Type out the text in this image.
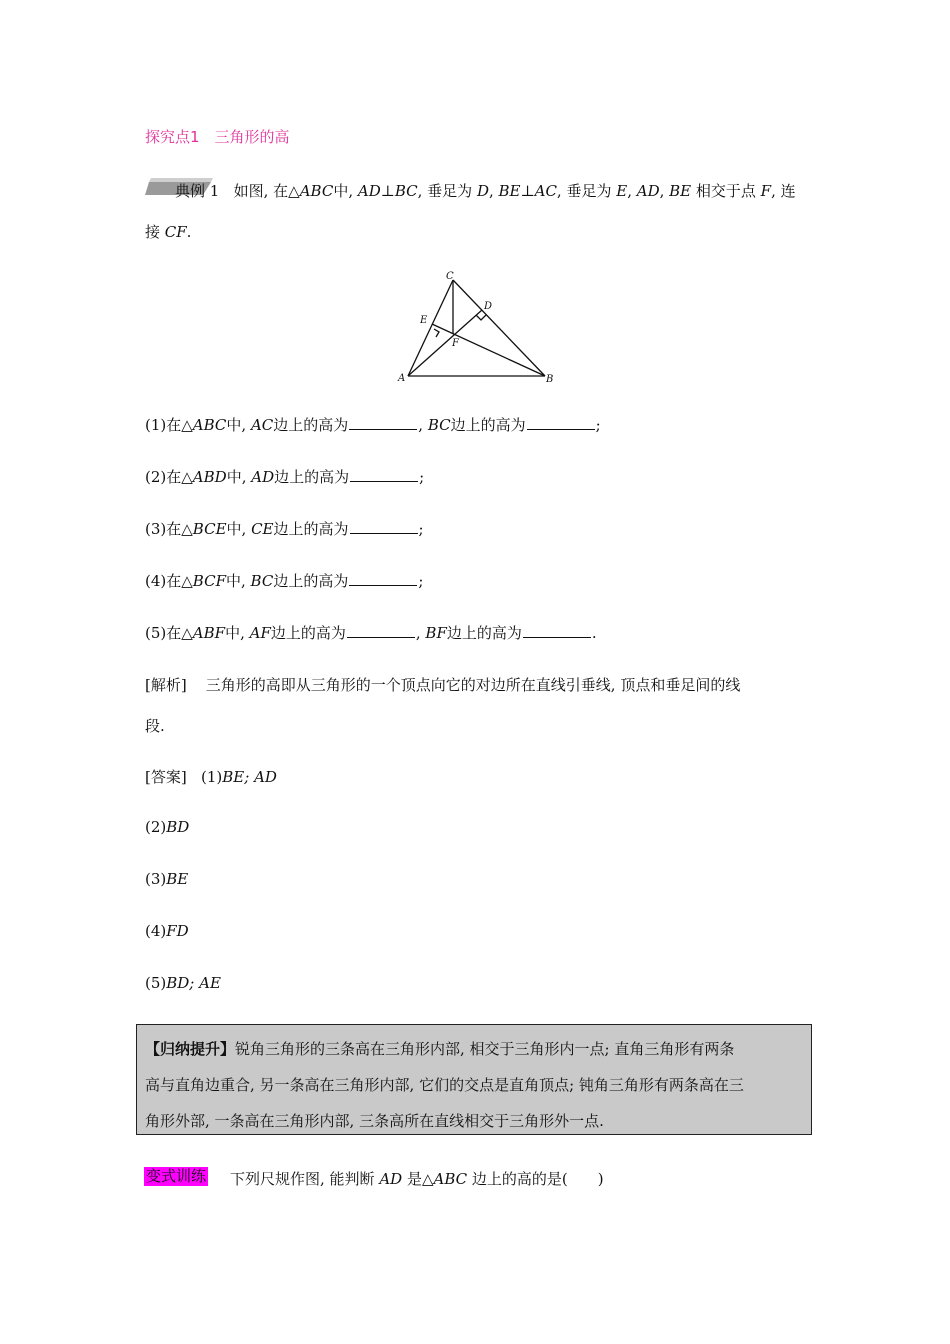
探究点1　三角形的高
典例 1 如图, 在△ABC中, AD⊥BC, 垂足为 D, BE⊥AC, 垂足为 E, AD, BE 相交于点 F, 连
接 CF.
C
D
E
F
A	B
(1)在△ABC中, AC边上的高为	, BC边上的高为	;
(2)在△ABD中, AD边上的高为	;
(3)在△BCE中, CE边上的高为	;
(4)在△BCF中, BC边上的高为	;
(5)在△ABF中, AF边上的高为	, BF边上的高为	.
[解析] 三角形的高即从三角形的一个顶点向它的对边所在直线引垂线, 顶点和垂足间的线
段.
[答案] (1)BE; AD
(2)BD
(3)BE
(4)FD
(5)BD; AE
【归纳提升】锐角三角形的三条高在三角形内部, 相交于三角形内一点; 直角三角形有两条
高与直角边重合, 另一条高在三角形内部, 它们的交点是直角顶点; 钝角三角形有两条高在三
角形外部, 一条高在三角形内部, 三条高所在直线相交于三角形外一点.
变式训练 下列尺规作图, 能判断 AD 是△ABC 边上的高的是(　　)
